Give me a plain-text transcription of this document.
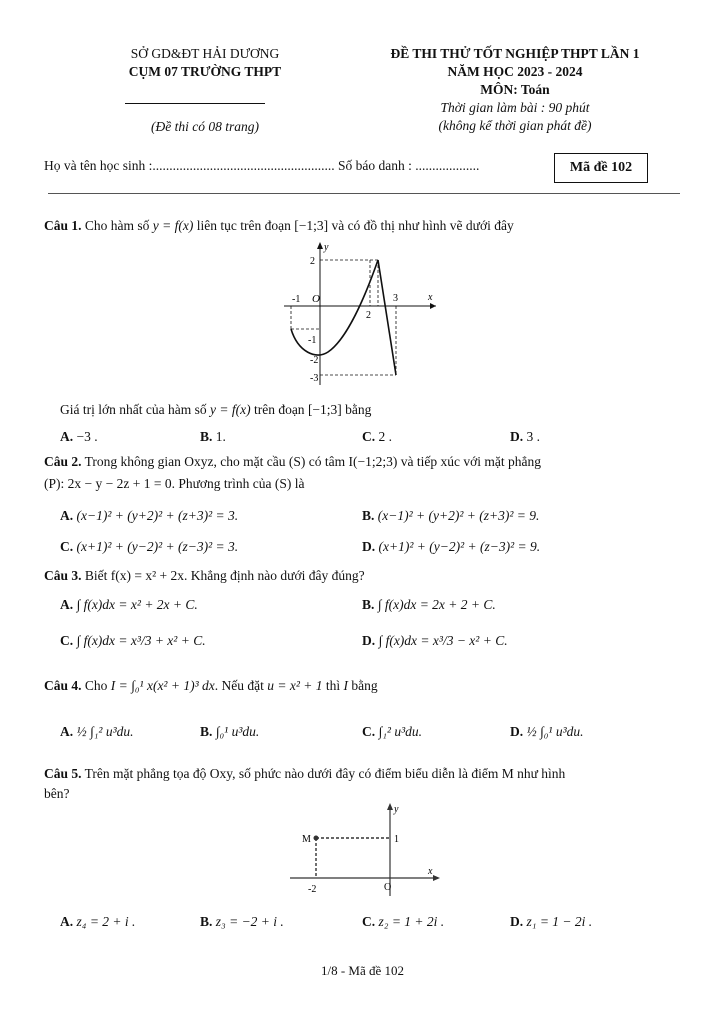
SỞ GD&ĐT HẢI DƯƠNG
CỤM 07 TRƯỜNG THPT
(Đề thi có 08 trang)
ĐỀ THI THỬ TỐT NGHIỆP THPT LẦN 1
NĂM HỌC 2023 - 2024
MÔN: Toán
Thời gian làm bài : 90 phút
(không kể thời gian phát đề)
Họ và tên học sinh :...................................................... Số báo danh : ...................	Mã đề 102
Câu 1. Cho hàm số y = f(x) liên tục trên đoạn [−1;3] và có đồ thị như hình vẽ dưới đây
y
x
O
2
-1
-2
-3
-1
2
3
Giá trị lớn nhất của hàm số y = f(x) trên đoạn [−1;3] bằng
A. −3 .	B. 1.	C. 2 .	D. 3 .
Câu 2. Trong không gian Oxyz, cho mặt cầu (S) có tâm I(−1;2;3) và tiếp xúc với mặt phẳng
(P): 2x − y − 2z + 1 = 0. Phương trình của (S) là
A. (x−1)² + (y+2)² + (z+3)² = 3.	B. (x−1)² + (y+2)² + (z+3)² = 9.
C. (x+1)² + (y−2)² + (z−3)² = 3.	D. (x+1)² + (y−2)² + (z−3)² = 9.
Câu 3. Biết f(x) = x² + 2x. Khẳng định nào dưới đây đúng?
A. ∫ f(x)dx = x² + 2x + C.	B. ∫ f(x)dx = 2x + 2 + C.
C. ∫ f(x)dx = x³/3 + x² + C.	D. ∫ f(x)dx = x³/3 − x² + C.
Câu 4. Cho I = ∫₀¹ x(x² + 1)³ dx. Nếu đặt u = x² + 1 thì I bằng
A. ½ ∫₁² u³du.	B. ∫₀¹ u³du.	C. ∫₁² u³du.	D. ½ ∫₀¹ u³du.
Câu 5. Trên mặt phẳng tọa độ Oxy, số phức nào dưới đây có điểm biểu diễn là điểm M như hình
bên?
M
y
x
O
1
-2
A. z₄ = 2 + i .	B. z₃ = −2 + i .	C. z₂ = 1 + 2i .	D. z₁ = 1 − 2i .
1/8 - Mã đề 102
